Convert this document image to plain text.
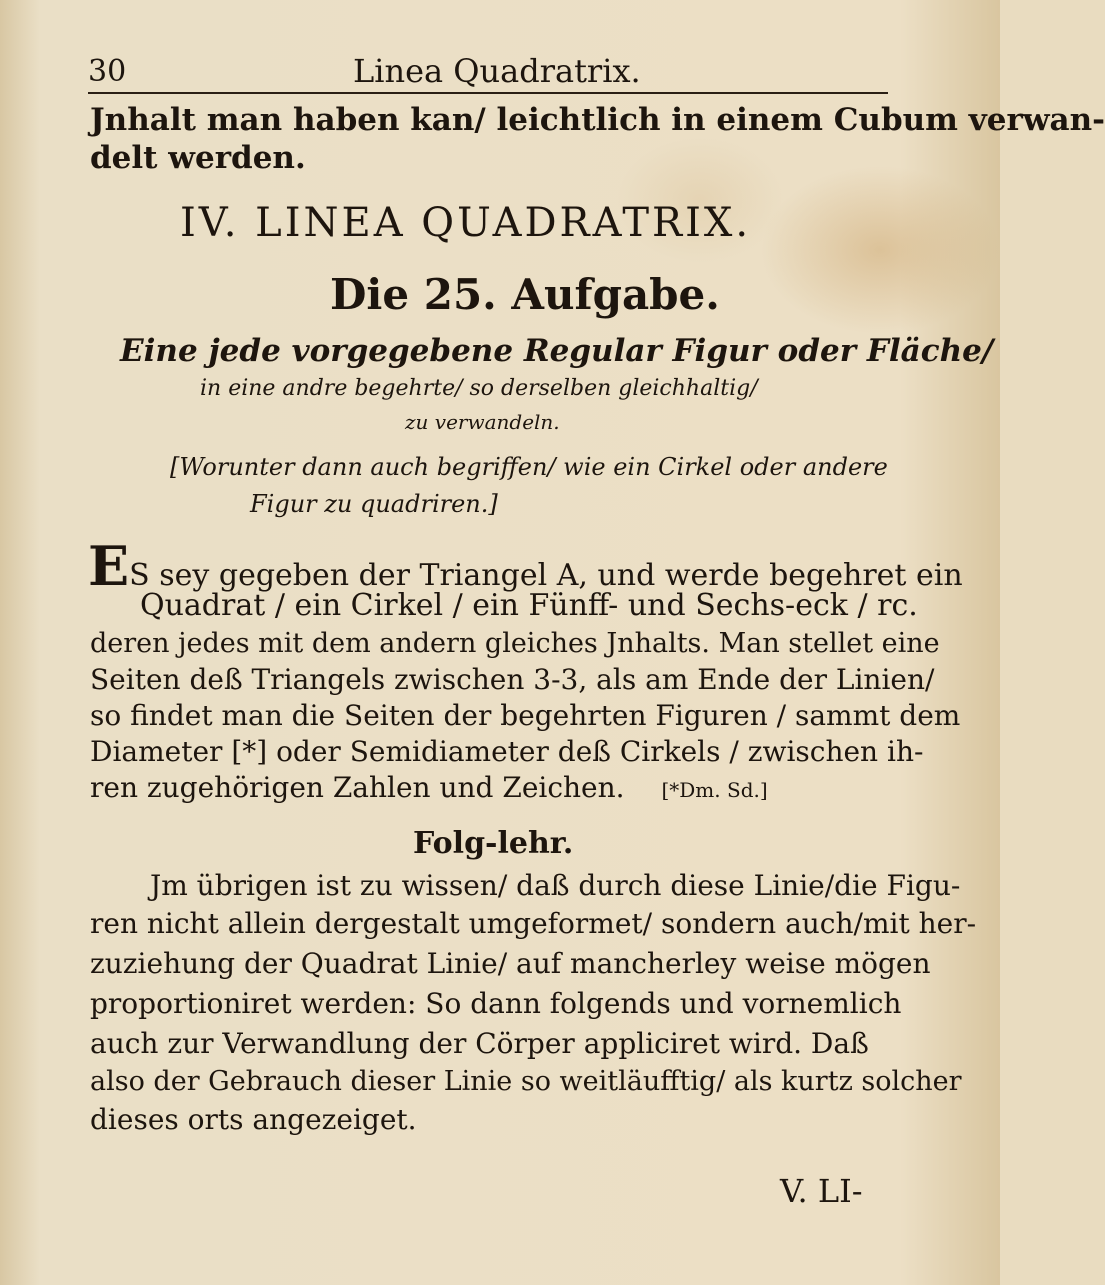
30	Linea Quadratrix.
Jnhalt man haben kan/ leichtlich in einem Cubum verwan-
delt werden.
IV. LINEA QUADRATRIX.
Die 25. Aufgabe.
Eine jede vorgegebene Regular Figur oder Fläche/
in eine andre begehrte/ so derselben gleichhaltig/
zu verwandeln.
[Worunter dann auch begriffen/ wie ein Cirkel oder andere
Figur zu quadriren.]
ES sey gegeben der Triangel A, und werde begehret ein
Quadrat / ein Cirkel / ein Fünff- und Sechs-eck / rc.
deren jedes mit dem andern gleiches Jnhalts. Man stellet eine
Seiten deß Triangels zwischen 3-3, als am Ende der Linien/
so findet man die Seiten der begehrten Figuren / sammt dem
Diameter [*] oder Semidiameter deß Cirkels / zwischen ih-
ren zugehörigen Zahlen und Zeichen. [*Dm. Sd.]
Folg-lehr.
Jm übrigen ist zu wissen/ daß durch diese Linie/die Figu-
ren nicht allein dergestalt umgeformet/ sondern auch/mit her-
zuziehung der Quadrat Linie/ auf mancherley weise mögen
proportioniret werden: So dann folgends und vornemlich
auch zur Verwandlung der Cörper appliciret wird. Daß
also der Gebrauch dieser Linie so weitläufftig/ als kurtz solcher
dieses orts angezeiget.
V. LI-
